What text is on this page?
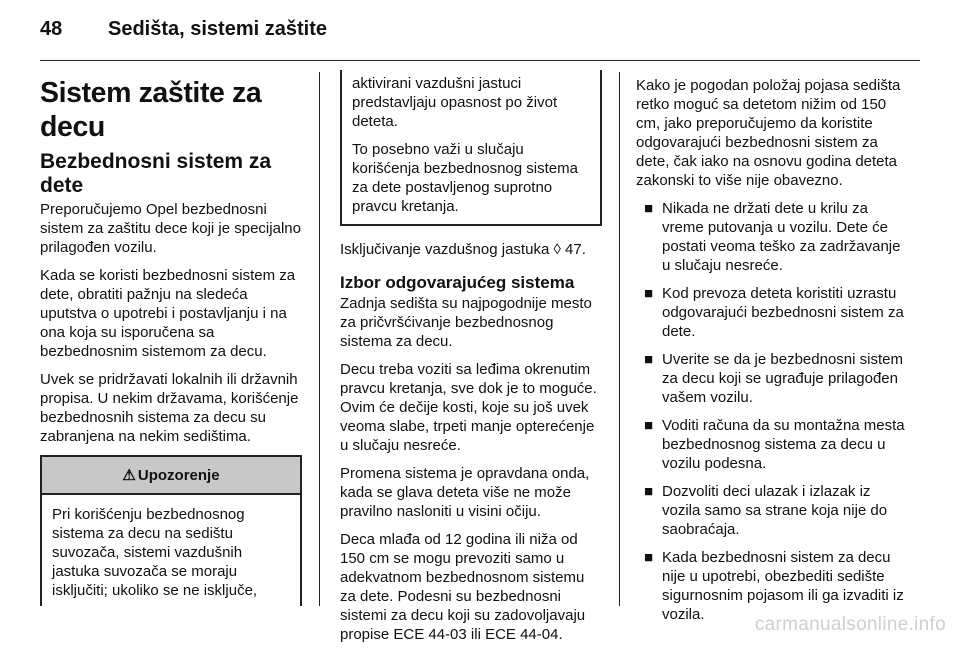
48 Sedišta, sistemi zaštite
Sistem zaštite za decu
Bezbednosni sistem za dete

Preporučujemo Opel bezbednosni sistem za zaštitu dece koji je specijalno prilagođen vozilu.

Kada se koristi bezbednosni sistem za dete, obratiti pažnju na sledeća uputstva o upotrebi i postavljanju i na ona koja su isporučena sa bezbednosnim sistemom za decu.

Uvek se pridržavati lokalnih ili državnih propisa. U nekim državama, korišćenje bezbednosnih sistema za decu su zabranjena na nekim sedištima.

⚠ Upozorenje
Pri korišćenju bezbednosnog sistema za decu na sedištu suvozača, sistemi vazdušnih jastuka suvozača se moraju isključiti; ukoliko se ne isključe,

aktivirani vazdušni jastuci predstavljaju opasnost po život deteta.

To posebno važi u slučaju korišćenja bezbednosnog sistema za dete postavljenog suprotno pravcu kretanja.

Isključivanje vazdušnog jastuka ◊ 47.

Izbor odgovarajućeg sistema

Zadnja sedišta su najpogodnije mesto za pričvršćivanje bezbednosnog sistema za decu.

Decu treba voziti sa leđima okrenutim pravcu kretanja, sve dok je to moguće. Ovim će dečije kosti, koje su još uvek veoma slabe, trpeti manje opterećenje u slučaju nesreće.

Promena sistema je opravdana onda, kada se glava deteta više ne može pravilno nasloniti u visini očiju.

Deca mlađa od 12 godina ili niža od 150 cm se mogu prevoziti samo u adekvatnom bezbednosnom sistemu za dete. Podesni su bezbednosni sistemi za decu koji su zadovoljavaju propise ECE 44-03 ili ECE 44-04.

Kako je pogodan položaj pojasa sedišta retko moguć sa detetom nižim od 150 cm, jako preporučujemo da koristite odgovarajući bezbednosni sistem za dete, čak iako na osnovu godina deteta zakonski to više nije obavezno.

■ Nikada ne držati dete u krilu za vreme putovanja u vozilu. Dete će postati veoma teško za zadržavanje u slučaju nesreće.
■ Kod prevoza deteta koristiti uzrastu odgovarajući bezbednosni sistem za dete.
■ Uverite se da je bezbednosni sistem za decu koji se ugrađuje prilagođen vašem vozilu.
■ Voditi računa da su montažna mesta bezbednosnog sistema za decu u vozilu podesna.
■ Dozvoliti deci ulazak i izlazak iz vozila samo sa strane koja nije do saobraćaja.
■ Kada bezbednosni sistem za decu nije u upotrebi, obezbediti sedište sigurnosnim pojasom ili ga izvaditi iz vozila.	carmanualsonline.info
